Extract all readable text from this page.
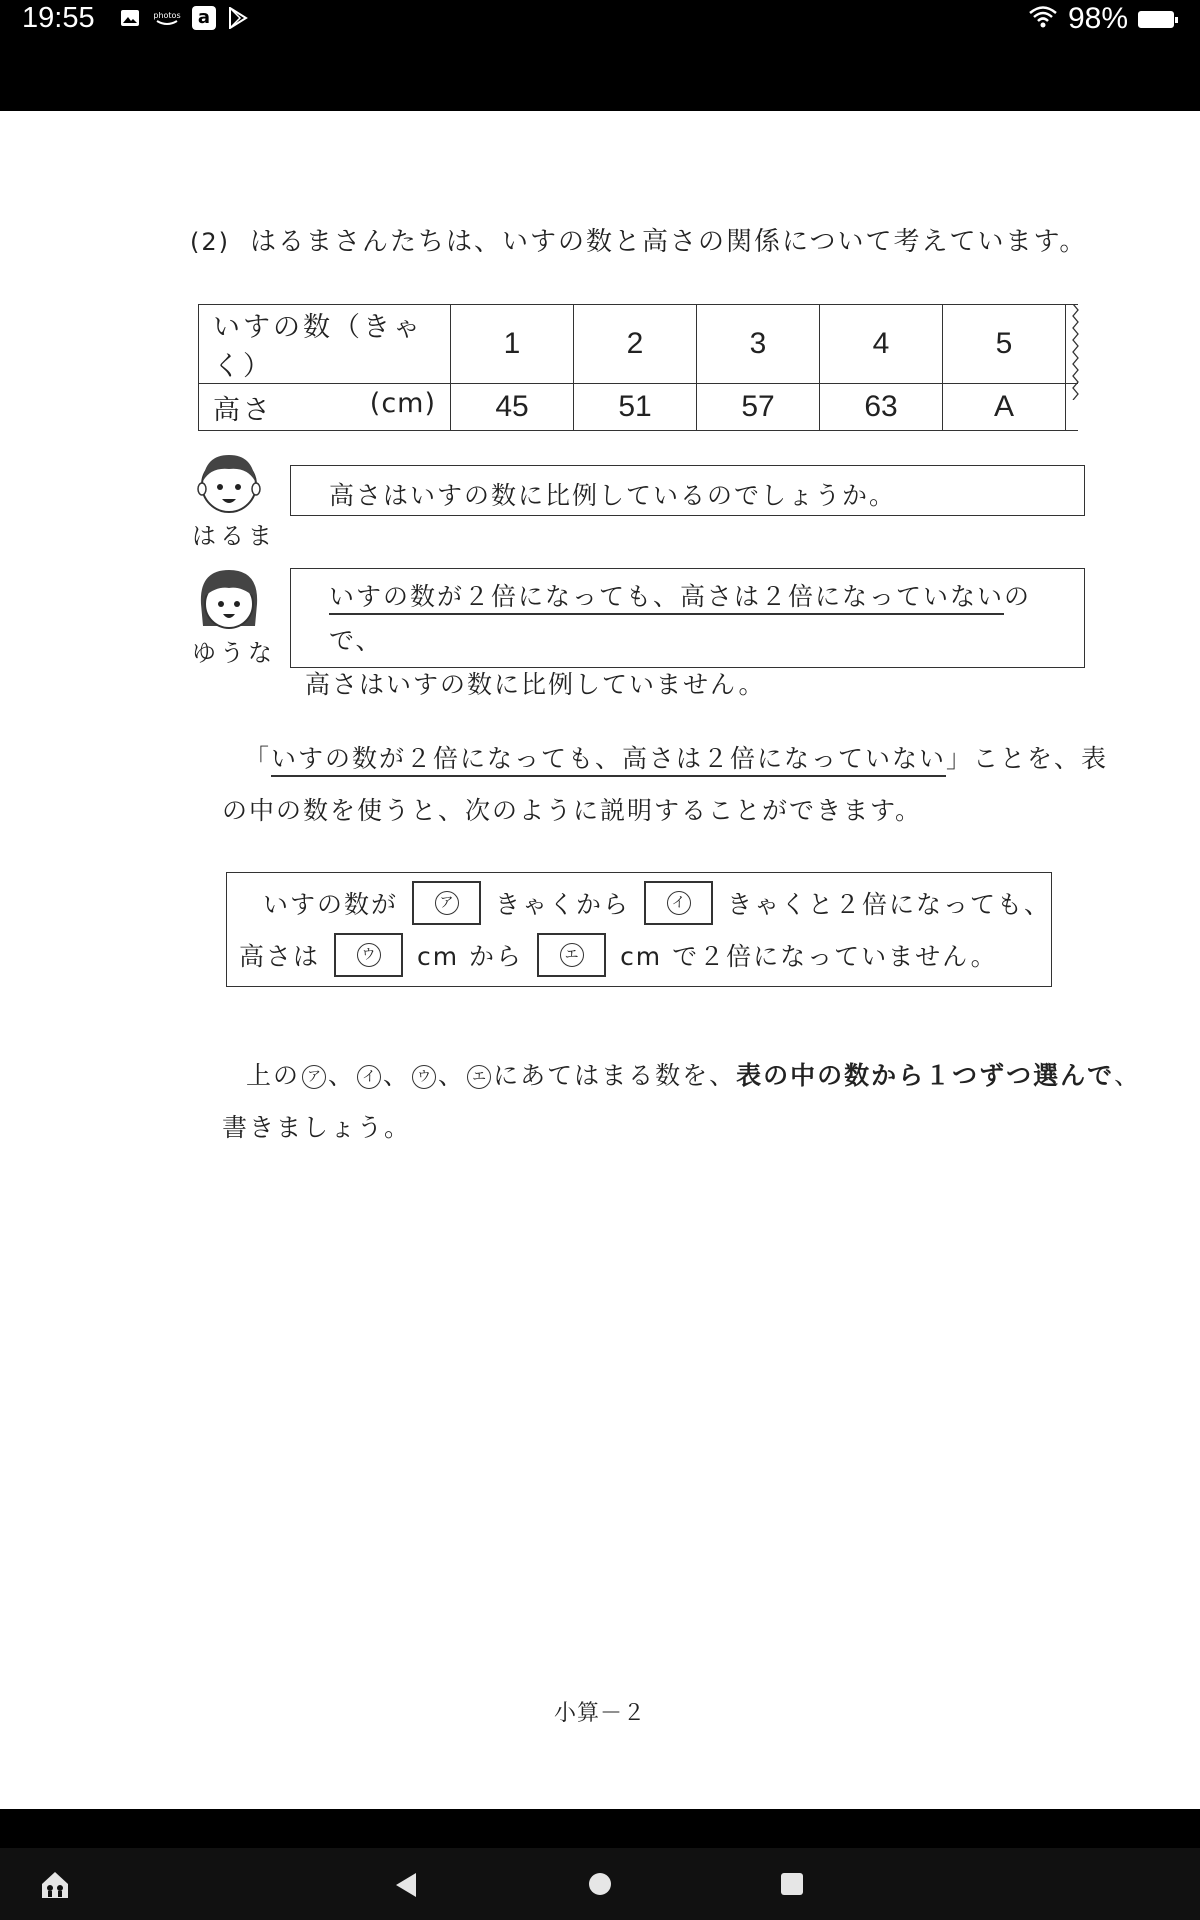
19:55	photos a	98%
(2) はるまさんたちは、いすの数と高さの関係について考えています。
いすの数（きゃく）	1	2	3	4	5	
高さ (cm)	45	51	57	63	A	
はるま
高さはいすの数に比例しているのでしょうか。
ゆうな
いすの数が２倍になっても、高さは２倍になっていないので、
高さはいすの数に比例していません。
「いすの数が２倍になっても、高さは２倍になっていない」ことを、表
の中の数を使うと、次のように説明することができます。
いすの数が	ア きゃくから	イ きゃくと２倍になっても、
高さは	ウ cm から	エ cm で２倍になっていません。
上の ア 、 イ 、 ウ 、 エ にあてはまる数を、表の中の数から１つずつ選んで、
書きましょう。
小算－２
